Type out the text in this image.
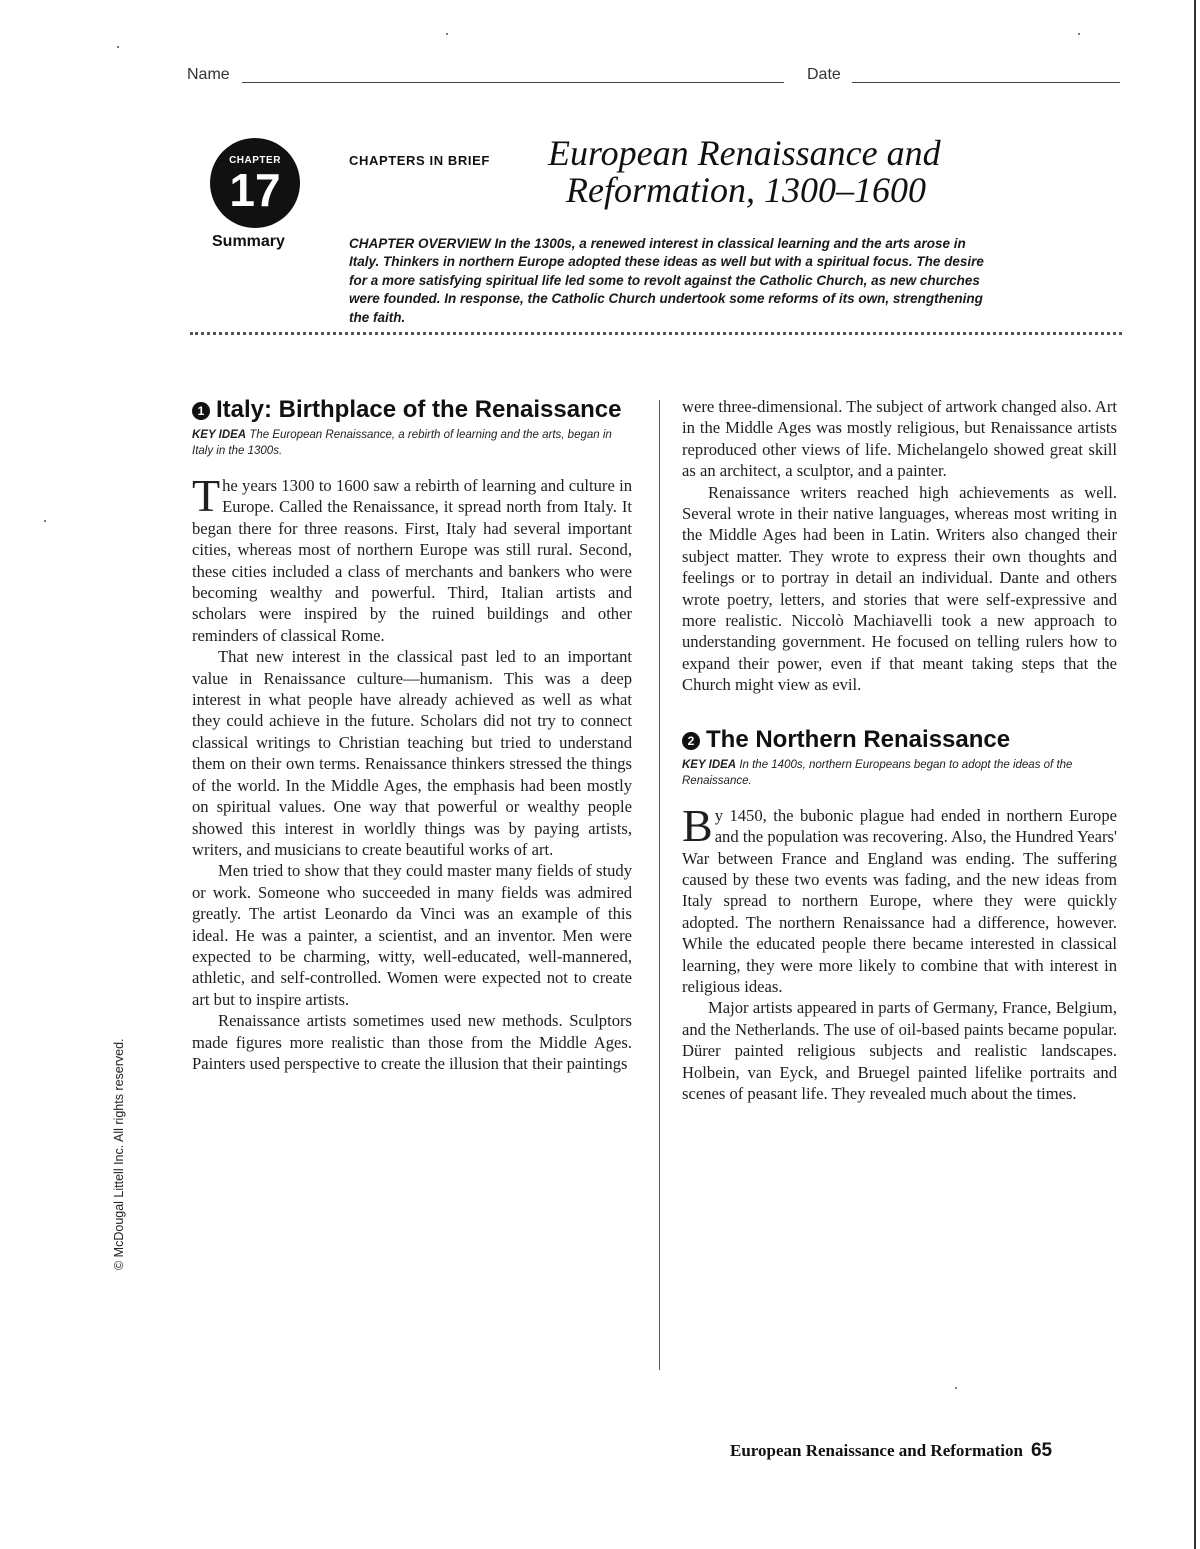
Name	Date
CHAPTER
17
Summary
CHAPTERS IN BRIEF European Renaissance and
Reformation, 1300–1600
CHAPTER OVERVIEW In the 1300s, a renewed interest in classical learning and the arts arose in Italy. Thinkers in northern Europe adopted these ideas as well but with a spiritual focus. The desire for a more satisfying spiritual life led some to revolt against the Catholic Church, as new churches were founded. In response, the Catholic Church undertook some reforms of its own, strengthening the faith.
1 Italy: Birthplace of the Renaissance
KEY IDEA The European Renaissance, a rebirth of learning and the arts, began in Italy in the 1300s.

The years 1300 to 1600 saw a rebirth of learning and culture in Europe. Called the Renaissance, it spread north from Italy. It began there for three reasons. First, Italy had several important cities, whereas most of northern Europe was still rural. Second, these cities included a class of merchants and bankers who were becoming wealthy and powerful. Third, Italian artists and scholars were inspired by the ruined buildings and other reminders of classical Rome.

That new interest in the classical past led to an important value in Renaissance culture—humanism. This was a deep interest in what people have already achieved as well as what they could achieve in the future. Scholars did not try to connect classical writings to Christian teaching but tried to understand them on their own terms. Renaissance thinkers stressed the things of the world. In the Middle Ages, the emphasis had been mostly on spiritual values. One way that powerful or wealthy people showed this interest in worldly things was by paying artists, writers, and musicians to create beautiful works of art.

Men tried to show that they could master many fields of study or work. Someone who succeeded in many fields was admired greatly. The artist Leonardo da Vinci was an example of this ideal. He was a painter, a scientist, and an inventor. Men were expected to be charming, witty, well-educated, well-mannered, athletic, and self-controlled. Women were expected not to create art but to inspire artists.

Renaissance artists sometimes used new methods. Sculptors made figures more realistic than those from the Middle Ages. Painters used perspective to create the illusion that their paintings

were three-dimensional. The subject of artwork changed also. Art in the Middle Ages was mostly religious, but Renaissance artists reproduced other views of life. Michelangelo showed great skill as an architect, a sculptor, and a painter.

Renaissance writers reached high achievements as well. Several wrote in their native languages, whereas most writing in the Middle Ages had been in Latin. Writers also changed their subject matter. They wrote to express their own thoughts and feelings or to portray in detail an individual. Dante and others wrote poetry, letters, and stories that were self-expressive and more realistic. Niccolò Machiavelli took a new approach to understanding government. He focused on telling rulers how to expand their power, even if that meant taking steps that the Church might view as evil.

2 The Northern Renaissance
KEY IDEA In the 1400s, northern Europeans began to adopt the ideas of the Renaissance.

By 1450, the bubonic plague had ended in northern Europe and the population was recovering. Also, the Hundred Years' War between France and England was ending. The suffering caused by these two events was fading, and the new ideas from Italy spread to northern Europe, where they were quickly adopted. The northern Renaissance had a difference, however. While the educated people there became interested in classical learning, they were more likely to combine that with interest in religious ideas.

Major artists appeared in parts of Germany, France, Belgium, and the Netherlands. The use of oil-based paints became popular. Dürer painted religious subjects and realistic landscapes. Holbein, van Eyck, and Bruegel painted lifelike portraits and scenes of peasant life. They revealed much about the times.

European Renaissance and Reformation 65
© McDougal Littell Inc. All rights reserved.
